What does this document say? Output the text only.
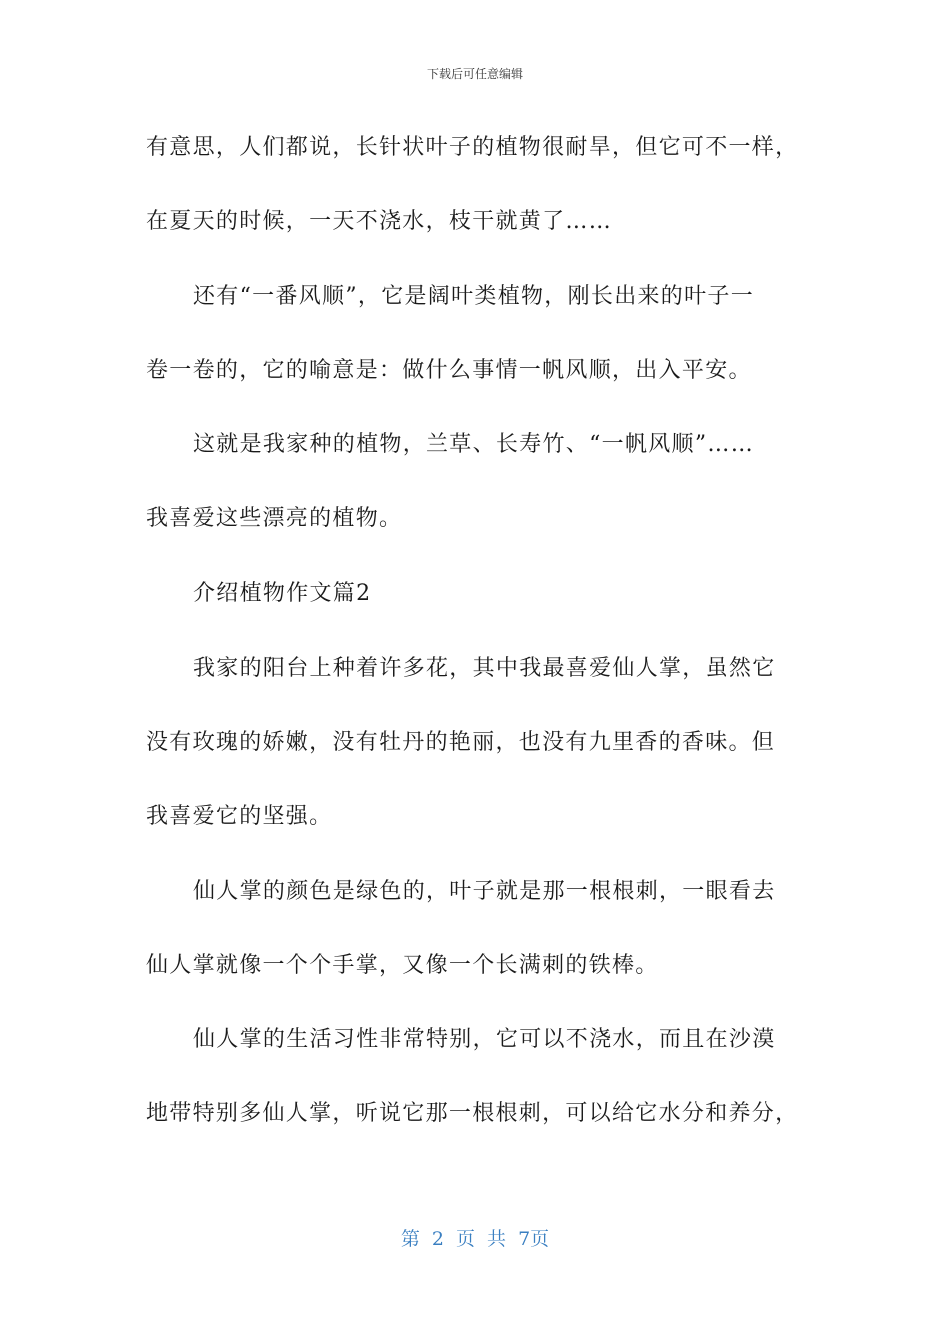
下载后可任意编辑
有意思，人们都说，长针状叶子的植物很耐旱，但它可不一样，
在夏天的时候，一天不浇水，枝干就黄了……
还有“一番风顺”，它是阔叶类植物，刚长出来的叶子一
卷一卷的，它的喻意是：做什么事情一帆风顺，出入平安。
这就是我家种的植物，兰草、长寿竹、“一帆风顺”……
我喜爱这些漂亮的植物。
介绍植物作文篇2
我家的阳台上种着许多花，其中我最喜爱仙人掌，虽然它
没有玫瑰的娇嫩，没有牡丹的艳丽，也没有九里香的香味。但
我喜爱它的坚强。
仙人掌的颜色是绿色的，叶子就是那一根根刺，一眼看去
仙人掌就像一个个手掌，又像一个长满刺的铁棒。
仙人掌的生活习性非常特别，它可以不浇水，而且在沙漠
地带特别多仙人掌，听说它那一根根刺，可以给它水分和养分，
第 2 页 共 7页
